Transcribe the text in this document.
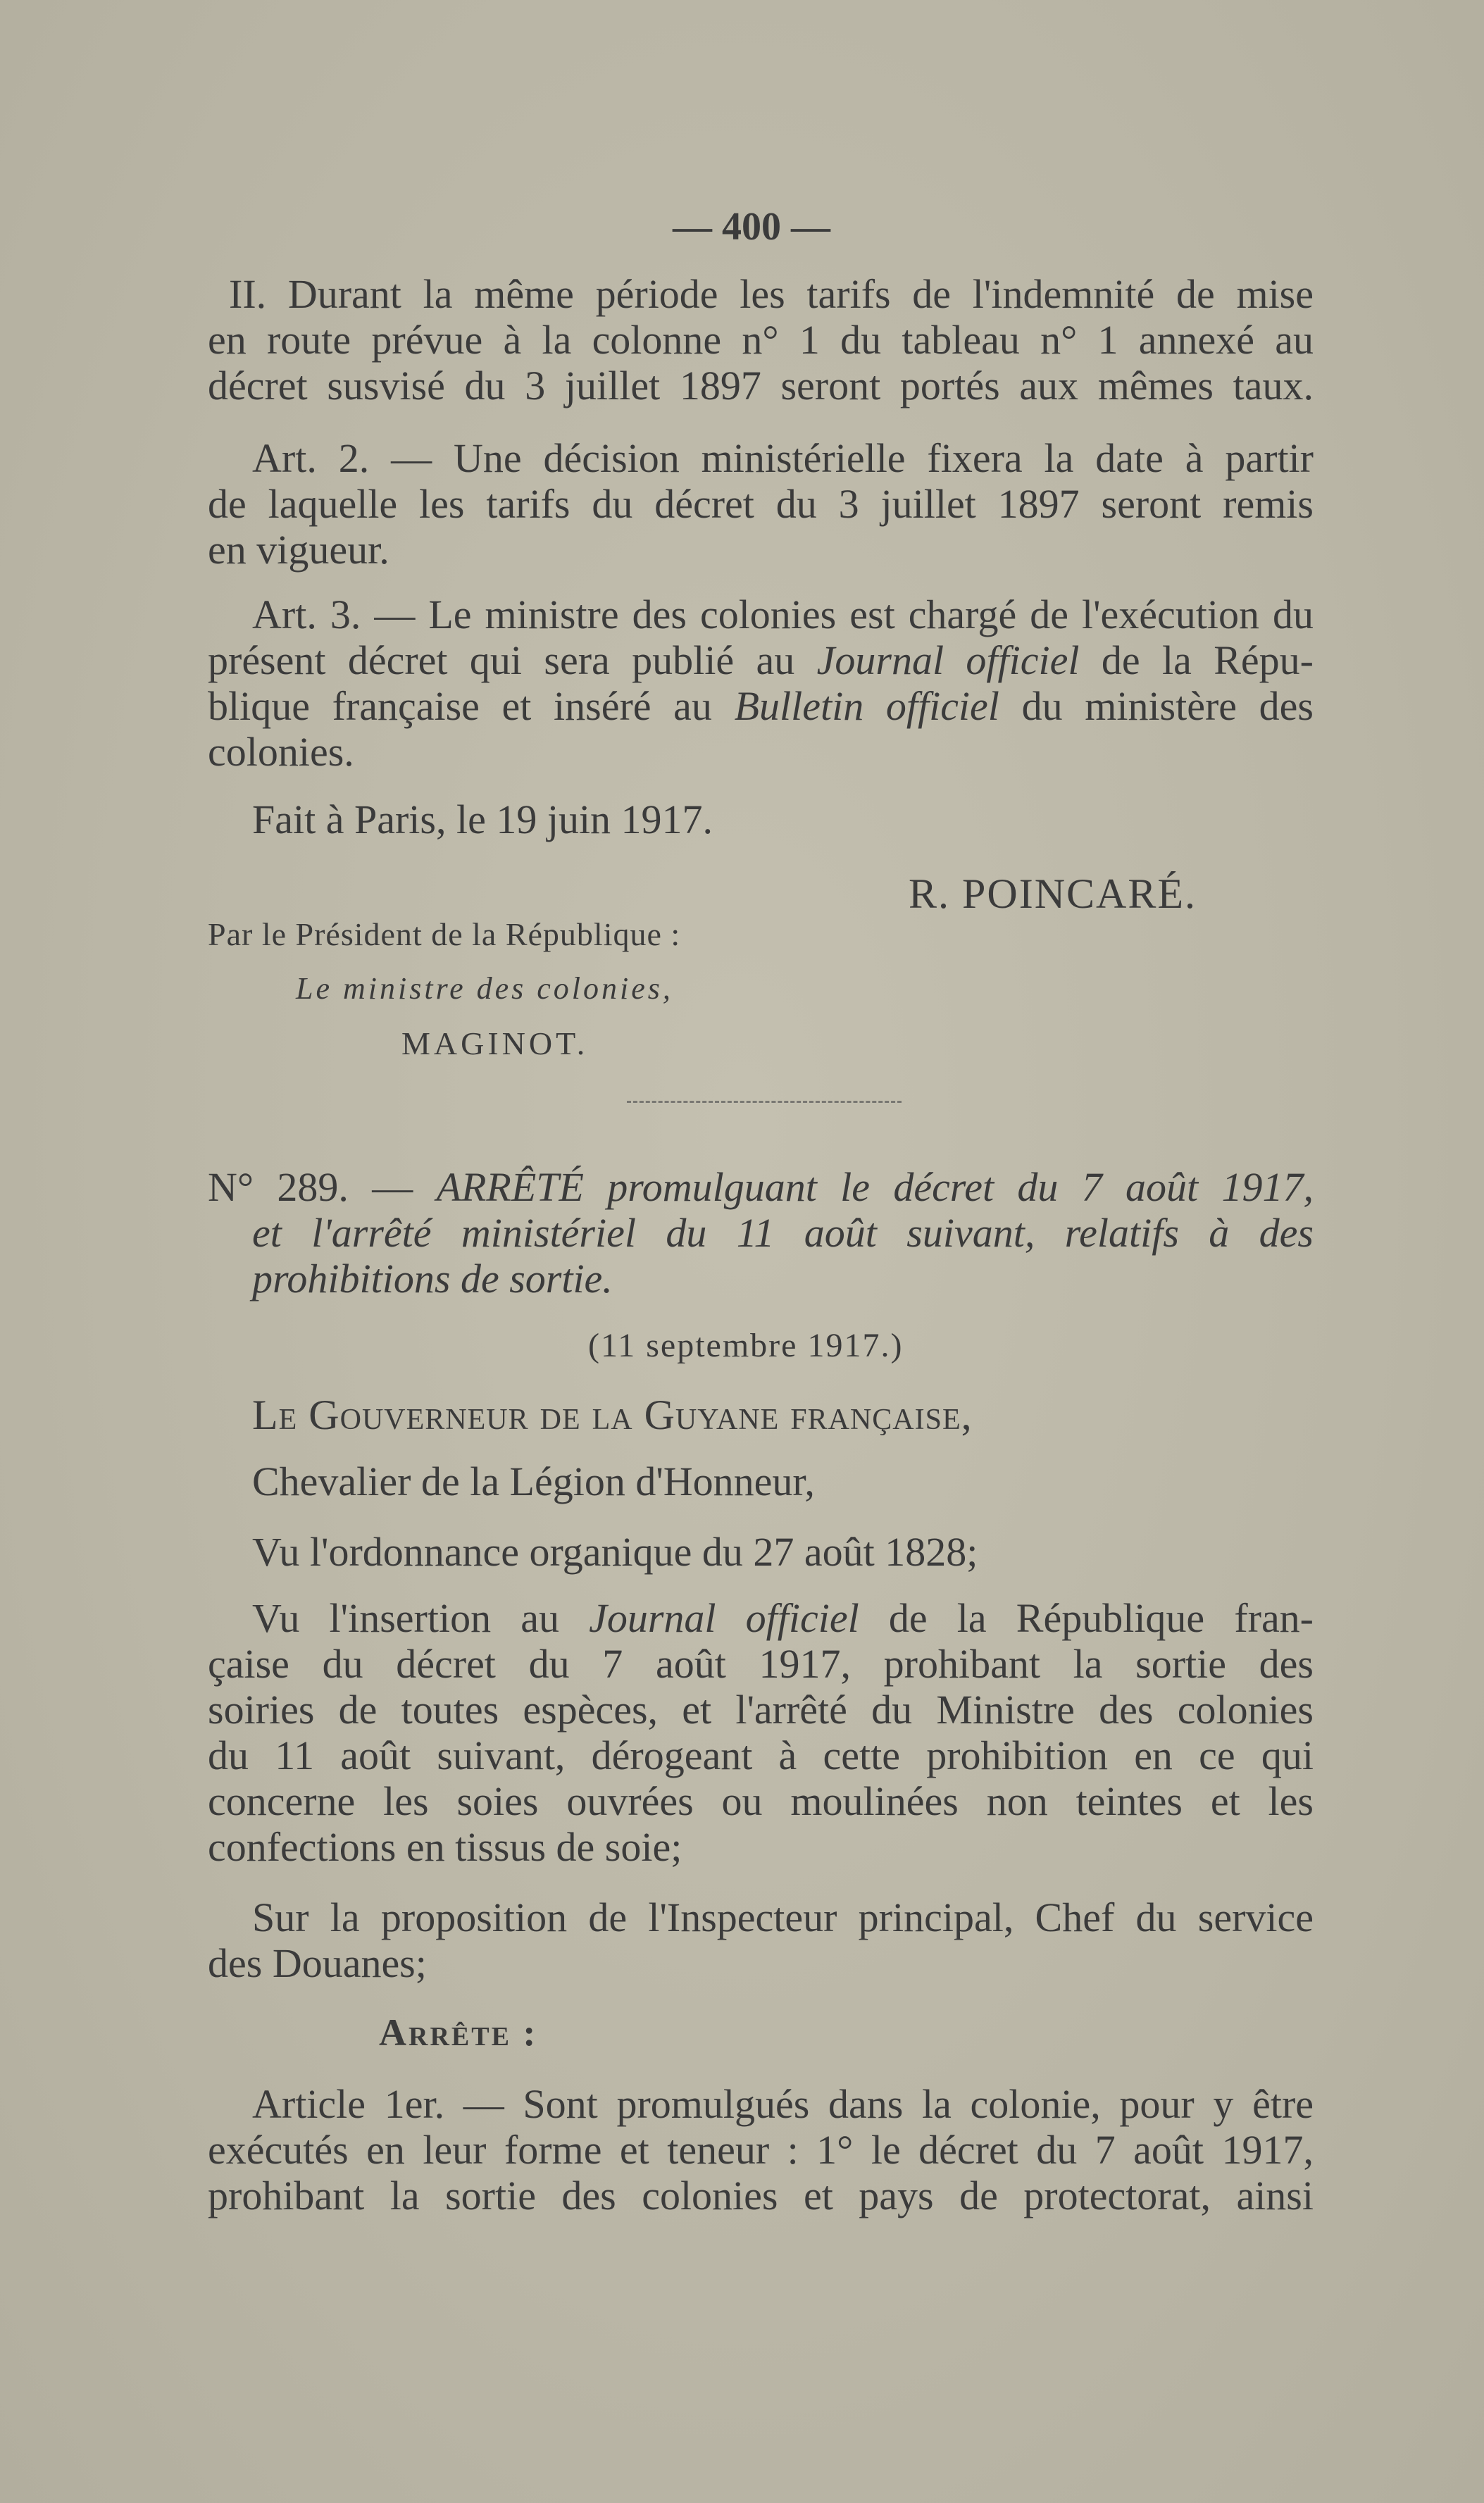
— 400 —
II. Durant la même période les tarifs de l'indemnité de mise
en route prévue à la colonne n° 1 du tableau n° 1 annexé au
décret susvisé du 3 juillet 1897 seront portés aux mêmes taux.
Art. 2. — Une décision ministérielle fixera la date à partir
de laquelle les tarifs du décret du 3 juillet 1897 seront remis
en vigueur.
Art. 3. — Le ministre des colonies est chargé de l'exécution du
présent décret qui sera publié au Journal officiel de la Répu-
blique française et inséré au Bulletin officiel du ministère des
colonies.
Fait à Paris, le 19 juin 1917.
R. POINCARÉ.
Par le Président de la République :
Le ministre des colonies,
MAGINOT.
N° 289. — ARRÊTÉ promulguant le décret du 7 août 1917,
et l'arrêté ministériel du 11 août suivant, relatifs à des
prohibitions de sortie.
(11 septembre 1917.)
Le Gouverneur de la Guyane française,
Chevalier de la Légion d'Honneur,
Vu l'ordonnance organique du 27 août 1828;
Vu l'insertion au Journal officiel de la République fran-
çaise du décret du 7 août 1917, prohibant la sortie des
soiries de toutes espèces, et l'arrêté du Ministre des colonies
du 11 août suivant, dérogeant à cette prohibition en ce qui
concerne les soies ouvrées ou moulinées non teintes et les
confections en tissus de soie;
Sur la proposition de l'Inspecteur principal, Chef du service
des Douanes;
Arrête :
Article 1er. — Sont promulgués dans la colonie, pour y être
exécutés en leur forme et teneur : 1° le décret du 7 août 1917,
prohibant la sortie des colonies et pays de protectorat, ainsi
